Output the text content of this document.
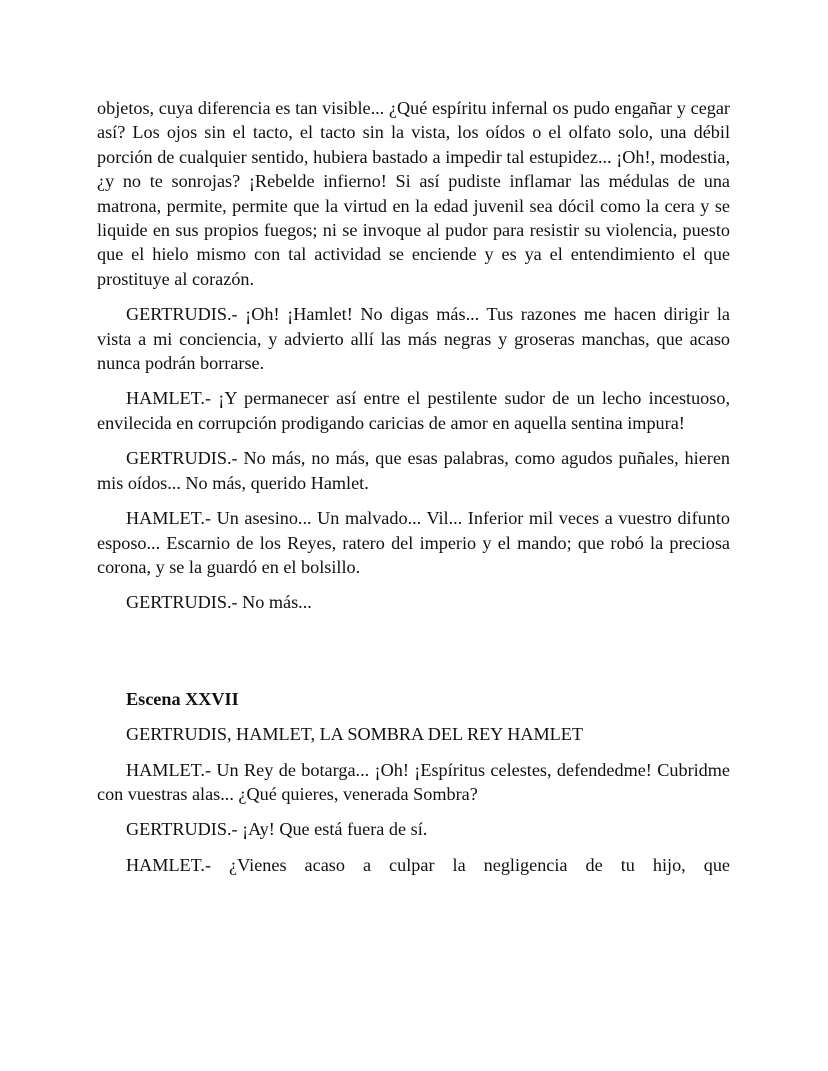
objetos, cuya diferencia es tan visible... ¿Qué espíritu infernal os pudo engañar y cegar así? Los ojos sin el tacto, el tacto sin la vista, los oídos o el olfato solo, una débil porción de cualquier sentido, hubiera bastado a impedir tal estupidez... ¡Oh!, modestia, ¿y no te sonrojas? ¡Rebelde infierno! Si así pudiste inflamar las médulas de una matrona, permite, permite que la virtud en la edad juvenil sea dócil como la cera y se liquide en sus propios fuegos; ni se invoque al pudor para resistir su violencia, puesto que el hielo mismo con tal actividad se enciende y es ya el entendimiento el que prostituye al corazón.

GERTRUDIS.- ¡Oh! ¡Hamlet! No digas más... Tus razones me hacen dirigir la vista a mi conciencia, y advierto allí las más negras y groseras manchas, que acaso nunca podrán borrarse.

HAMLET.- ¡Y permanecer así entre el pestilente sudor de un lecho incestuoso, envilecida en corrupción prodigando caricias de amor en aquella sentina impura!

GERTRUDIS.- No más, no más, que esas palabras, como agudos puñales, hieren mis oídos... No más, querido Hamlet.

HAMLET.- Un asesino... Un malvado... Vil... Inferior mil veces a vuestro difunto esposo... Escarnio de los Reyes, ratero del imperio y el mando; que robó la preciosa corona, y se la guardó en el bolsillo.

GERTRUDIS.- No más...

Escena XXVII

GERTRUDIS, HAMLET, LA SOMBRA DEL REY HAMLET

HAMLET.- Un Rey de botarga... ¡Oh! ¡Espíritus celestes, defendedme! Cubridme con vuestras alas... ¿Qué quieres, venerada Sombra?

GERTRUDIS.- ¡Ay! Que está fuera de sí.

HAMLET.- ¿Vienes acaso a culpar la negligencia de tu hijo, que
